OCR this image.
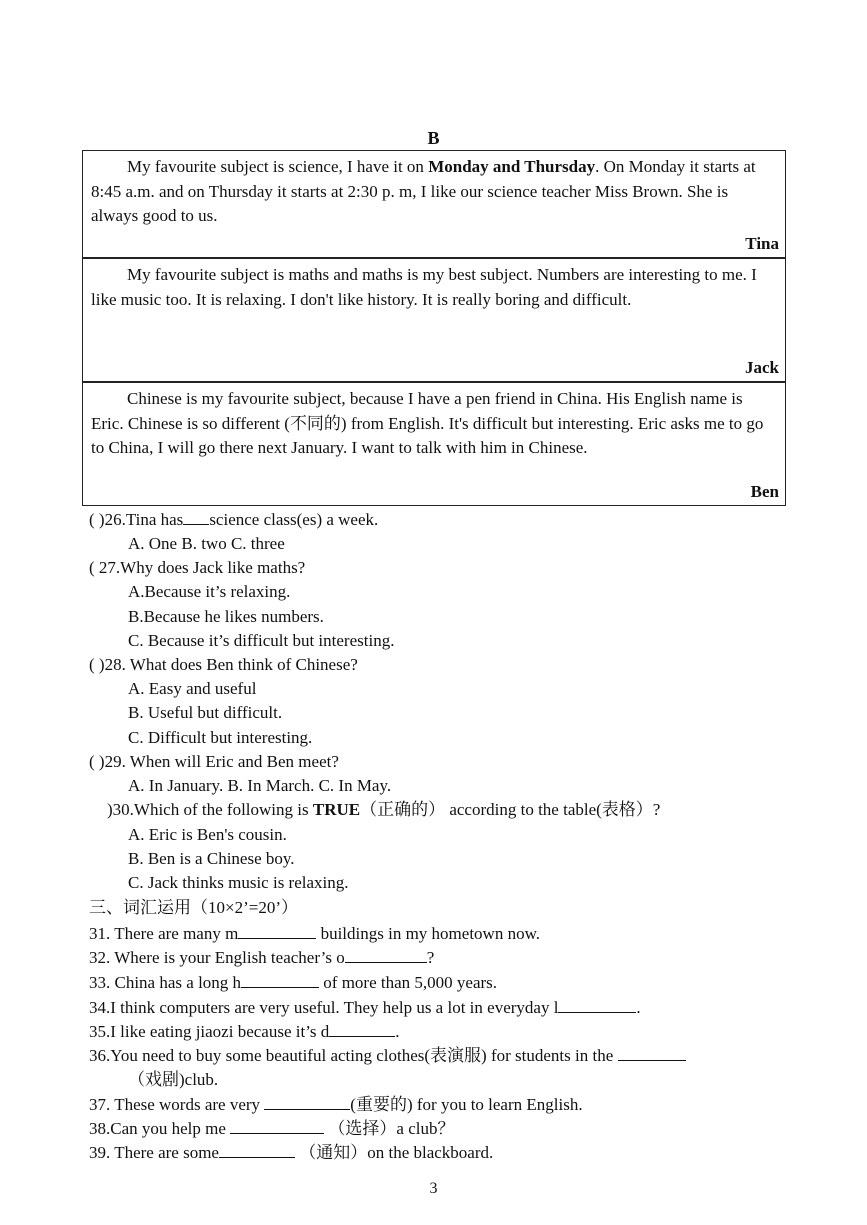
B

My favourite subject is science, I have it on Monday and Thursday. On Monday it starts at 8:45 a.m. and on Thursday it starts at 2:30 p. m, I like our science teacher Miss Brown. She is always good to us.

Tina

My favourite subject is maths and maths is my best subject. Numbers are interesting to me. I like music too. It is relaxing. I don't like history. It is really boring and difficult.

Jack

Chinese is my favourite subject, because I have a pen friend in China. His English name is Eric. Chinese is so different (不同的) from English. It's difficult but interesting. Eric asks me to go to China, I will go there next January. I want to talk with him in Chinese.

Ben
( )26.Tina has science class(es) a week.
A. One B. two C. three
( 27.Why does Jack like maths?
A.Because it’s relaxing.
B.Because he likes numbers.
C. Because it’s difficult but interesting.
( )28. What does Ben think of Chinese?
A. Easy and useful
B. Useful but difficult.
C. Difficult but interesting.
( )29. When will Eric and Ben meet?
A. In January. B. In March. C. In May.
)30.Which of the following is TRUE（正确的） according to the table(表格）?
A. Eric is Ben's cousin.
B. Ben is a Chinese boy.
C. Jack thinks music is relaxing.
三、词汇运用（10×2’=20’）
31. There are many m	buildings in my hometown now.
32. Where is your English teacher’s o	?
33. China has a long h	of more than 5,000 years.
34.I think computers are very useful. They help us a lot in everyday l	.
35.I like eating jiaozi because it’s d	.
36.You need to buy some beautiful acting clothes(表演服) for students in the
（戏剧)club.
37. These words are very	(重要的) for you to learn English.
38.Can you help me	（选择）a club？
39. There are some	（通知）on the blackboard.
3
